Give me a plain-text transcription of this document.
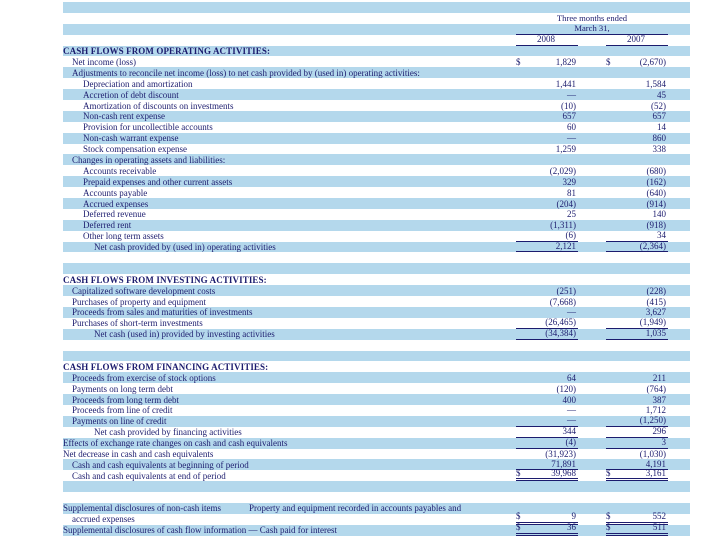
Three months ended
March 31,
2008	2007
CASH FLOWS FROM OPERATING ACTIVITIES:
Net income (loss)	$	1,829	$	(2,670)
Adjustments to reconcile net income (loss) to net cash provided by (used in) operating activities:
Depreciation and amortization	1,441	1,584
Accretion of debt discount	—	45
Amortization of discounts on investments	(10)	(52)
Non-cash rent expense	657	657
Provision for uncollectible accounts	60	14
Non-cash warrant expense	—	860
Stock compensation expense	1,259	338
Changes in operating assets and liabilities:
Accounts receivable	(2,029)	(680)
Prepaid expenses and other current assets	329	(162)
Accounts payable	81	(640)
Accrued expenses	(204)	(914)
Deferred revenue	25	140
Deferred rent	(1,311)	(918)
Other long term assets	(6)	34
Net cash provided by (used in) operating activities	2,121	(2,364)
CASH FLOWS FROM INVESTING ACTIVITIES:
Capitalized software development costs	(251)	(228)
Purchases of property and equipment	(7,668)	(415)
Proceeds from sales and maturities of investments	—	3,627
Purchases of short-term investments	(26,465)	(1,949)
Net cash (used in) provided by investing activities	(34,384)	1,035
CASH FLOWS FROM FINANCING ACTIVITIES:
Proceeds from exercise of stock options	64	211
Payments on long term debt	(120)	(764)
Proceeds from long term debt	400	387
Proceeds from line of credit	—	1,712
Payments on line of credit	—	(1,250)
Net cash provided by financing activities	344	296
Effects of exchange rate changes on cash and cash equivalents	(4)	3
Net decrease in cash and cash equivalents	(31,923)	(1,030)
Cash and cash equivalents at beginning of period	71,891	4,191
Cash and cash equivalents at end of period	$	39,968	$	3,161
Supplemental disclosures of non-cash items	Property and equipment recorded in accounts payables and
accrued expenses	$	9	$	552
Supplemental disclosures of cash flow information — Cash paid for interest	$	36	$	511
